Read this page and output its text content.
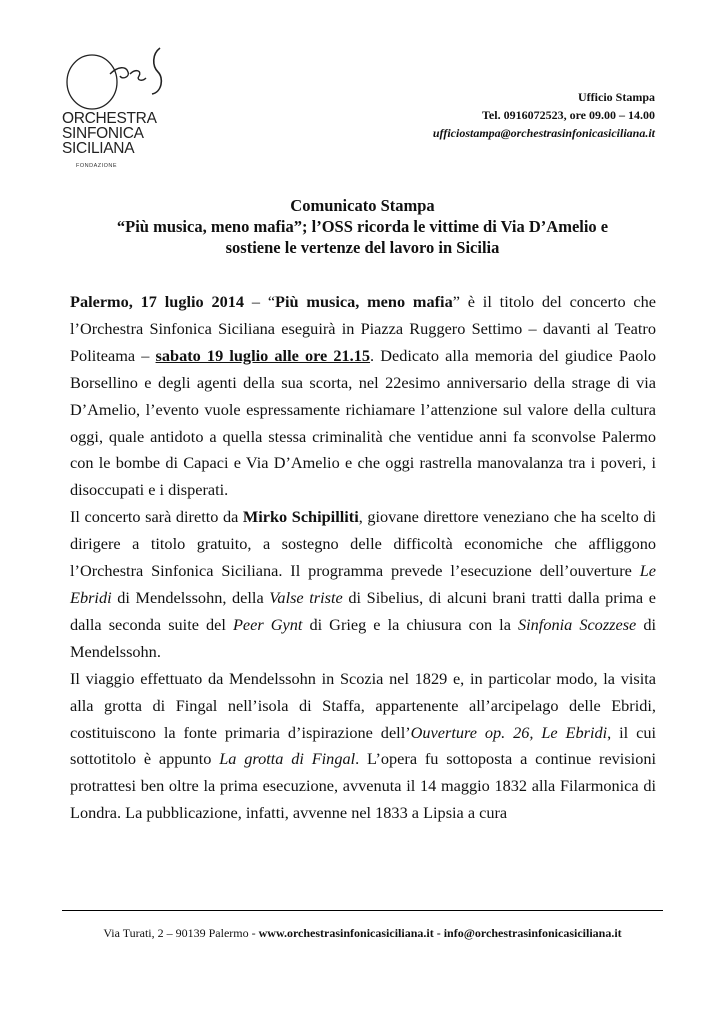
ORCHESTRA
SINFONICA
SICILIANA
FONDAZIONE
Ufficio Stampa
Tel. 0916072523, ore 09.00 – 14.00
ufficiostampa@orchestrasinfonicasiciliana.it
Comunicato Stampa
“Più musica, meno mafia”; l’OSS ricorda le vittime di Via D’Amelio e
sostiene le vertenze del lavoro in Sicilia

Palermo, 17 luglio 2014 – “Più musica, meno mafia” è il titolo del concerto che l’Orchestra Sinfonica Siciliana eseguirà in Piazza Ruggero Settimo – davanti al Teatro Politeama – sabato 19 luglio alle ore 21.15. Dedicato alla memoria del giudice Paolo Borsellino e degli agenti della sua scorta, nel 22esimo anniversario della strage di via D’Amelio, l’evento vuole espressamente richiamare l’attenzione sul valore della cultura oggi, quale antidoto a quella stessa criminalità che ventidue anni fa sconvolse Palermo con le bombe di Capaci e Via D’Amelio e che oggi rastrella manovalanza tra i poveri, i disoccupati e i disperati.

Il concerto sarà diretto da Mirko Schipilliti, giovane direttore veneziano che ha scelto di dirigere a titolo gratuito, a sostegno delle difficoltà economiche che affliggono l’Orchestra Sinfonica Siciliana. Il programma prevede l’esecuzione dell’ouverture Le Ebridi di Mendelssohn, della Valse triste di Sibelius, di alcuni brani tratti dalla prima e dalla seconda suite del Peer Gynt di Grieg e la chiusura con la Sinfonia Scozzese di Mendelssohn.

Il viaggio effettuato da Mendelssohn in Scozia nel 1829 e, in particolar modo, la visita alla grotta di Fingal nell’isola di Staffa, appartenente all’arcipelago delle Ebridi, costituiscono la fonte primaria d’ispirazione dell’Ouverture op. 26, Le Ebridi, il cui sottotitolo è appunto La grotta di Fingal. L’opera fu sottoposta a continue revisioni protrattesi ben oltre la prima esecuzione, avvenuta il 14 maggio 1832 alla Filarmonica di Londra. La pubblicazione, infatti, avvenne nel 1833 a Lipsia a cura

Via Turati, 2 – 90139 Palermo - www.orchestrasinfonicasiciliana.it - info@orchestrasinfonicasiciliana.it
